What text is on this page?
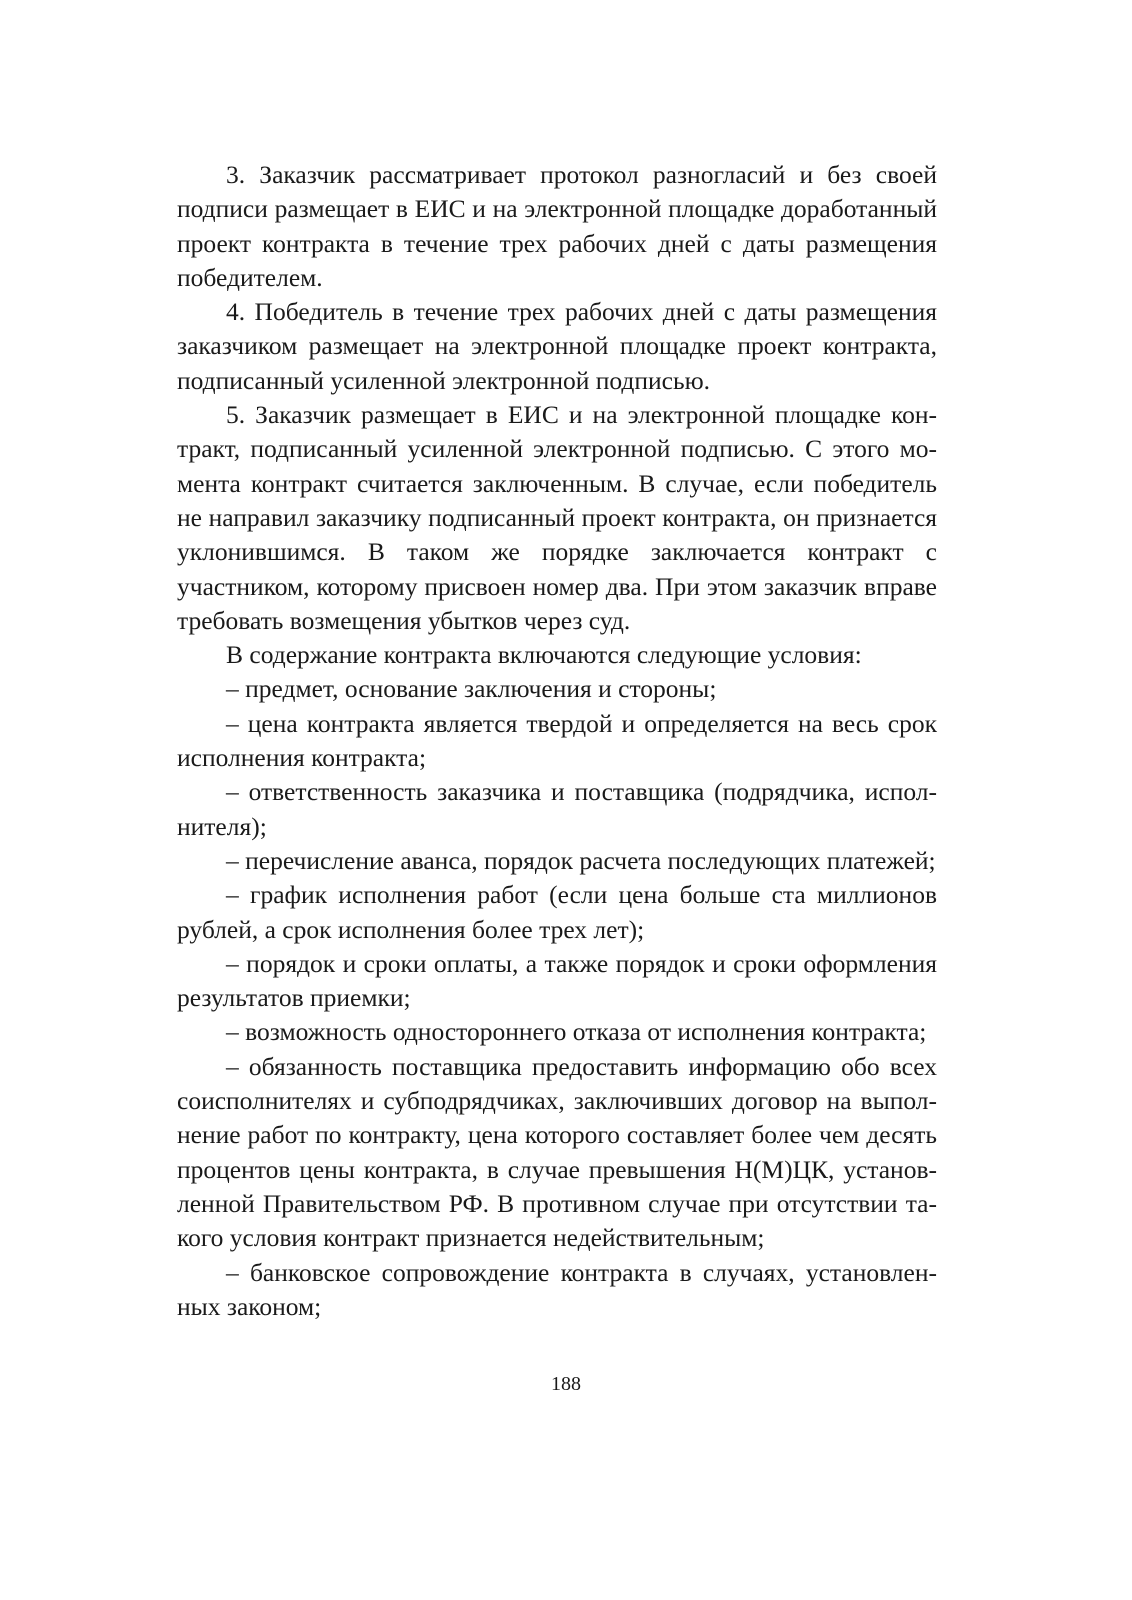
3. Заказчик рассматривает протокол разногласий и без своей подписи размещает в ЕИС и на электронной площадке доработанный проект контракта в течение трех рабочих дней с даты размещения победителем.

4. Победитель в течение трех рабочих дней с даты размещения заказчиком размещает на электронной площадке проект контракта, подписанный усиленной электронной подписью.

5. Заказчик размещает в ЕИС и на электронной площадке контракт, подписанный усиленной электронной подписью. С этого момента контракт считается заключенным. В случае, если победитель не направил заказчику подписанный проект контракта, он признается уклонившимся. В таком же порядке заключается контракт с участником, которому присвоен номер два. При этом заказчик вправе требовать возмещения убытков через суд.

В содержание контракта включаются следующие условия:

– предмет, основание заключения и стороны;

– цена контракта является твердой и определяется на весь срок исполнения контракта;

– ответственность заказчика и поставщика (подрядчика, исполнителя);

– перечисление аванса, порядок расчета последующих платежей;

– график исполнения работ (если цена больше ста миллионов рублей, а срок исполнения более трех лет);

– порядок и сроки оплаты, а также порядок и сроки оформления результатов приемки;

– возможность одностороннего отказа от исполнения контракта;

– обязанность поставщика предоставить информацию обо всех соисполнителях и субподрядчиках, заключивших договор на выполнение работ по контракту, цена которого составляет более чем десять процентов цены контракта, в случае превышения Н(М)ЦК, установленной Правительством РФ. В противном случае при отсутствии такого условия контракт признается недействительным;

– банковское сопровождение контракта в случаях, установленных законом;

188
